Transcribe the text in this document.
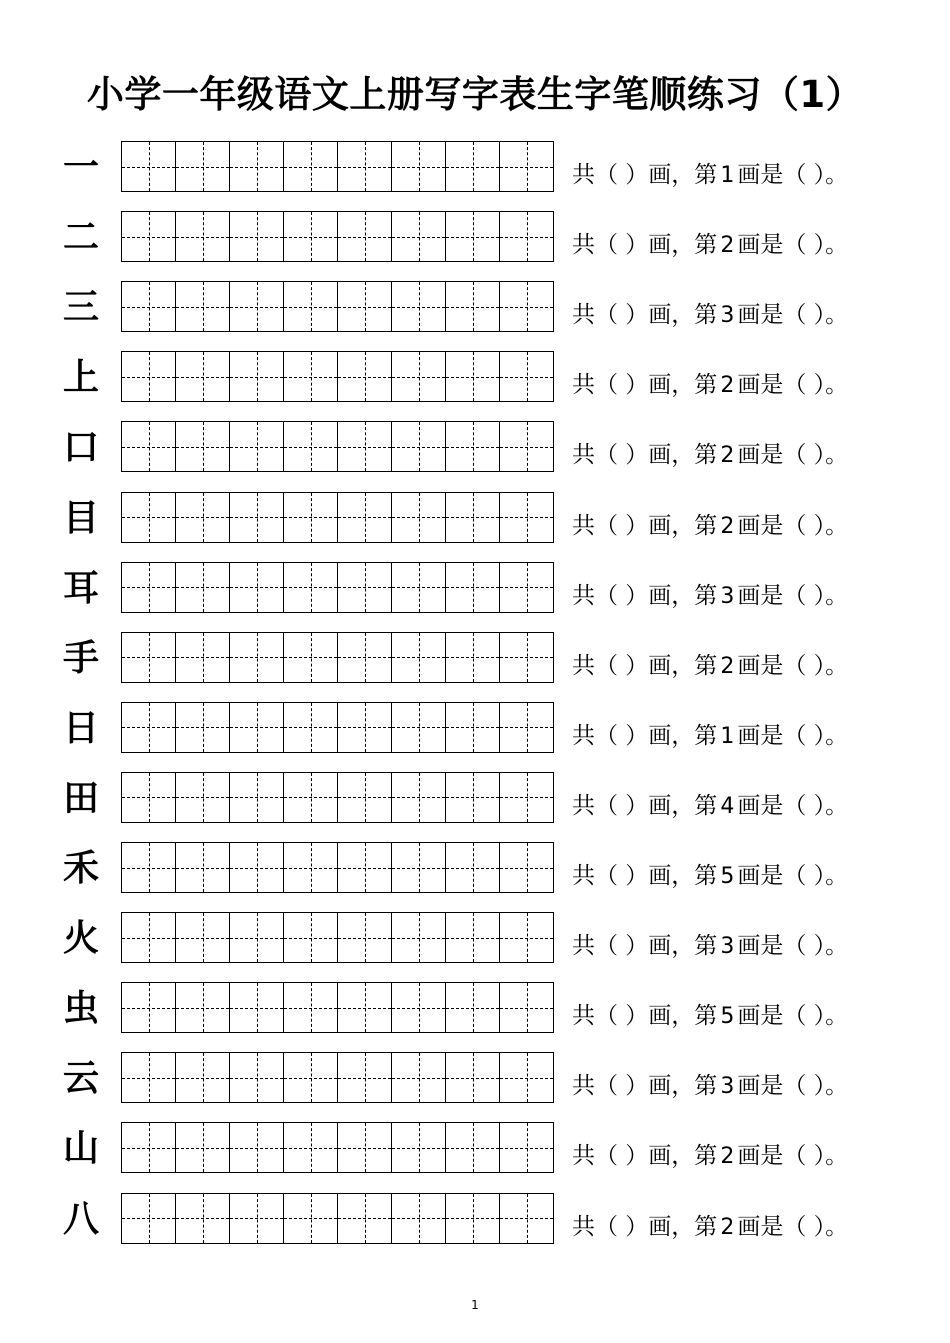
小学一年级语文上册写字表生字笔顺练习（1）
一	共（ ）画，第 1 画是（ ）。
二	共（ ）画，第 2 画是（ ）。
三	共（ ）画，第 3 画是（ ）。
上	共（ ）画，第 2 画是（ ）。
口	共（ ）画，第 2 画是（ ）。
目	共（ ）画，第 2 画是（ ）。
耳	共（ ）画，第 3 画是（ ）。
手	共（ ）画，第 2 画是（ ）。
日	共（ ）画，第 1 画是（ ）。
田	共（ ）画，第 4 画是（ ）。
禾	共（ ）画，第 5 画是（ ）。
火	共（ ）画，第 3 画是（ ）。
虫	共（ ）画，第 5 画是（ ）。
云	共（ ）画，第 3 画是（ ）。
山	共（ ）画，第 2 画是（ ）。
八	共（ ）画，第 2 画是（ ）。
1
